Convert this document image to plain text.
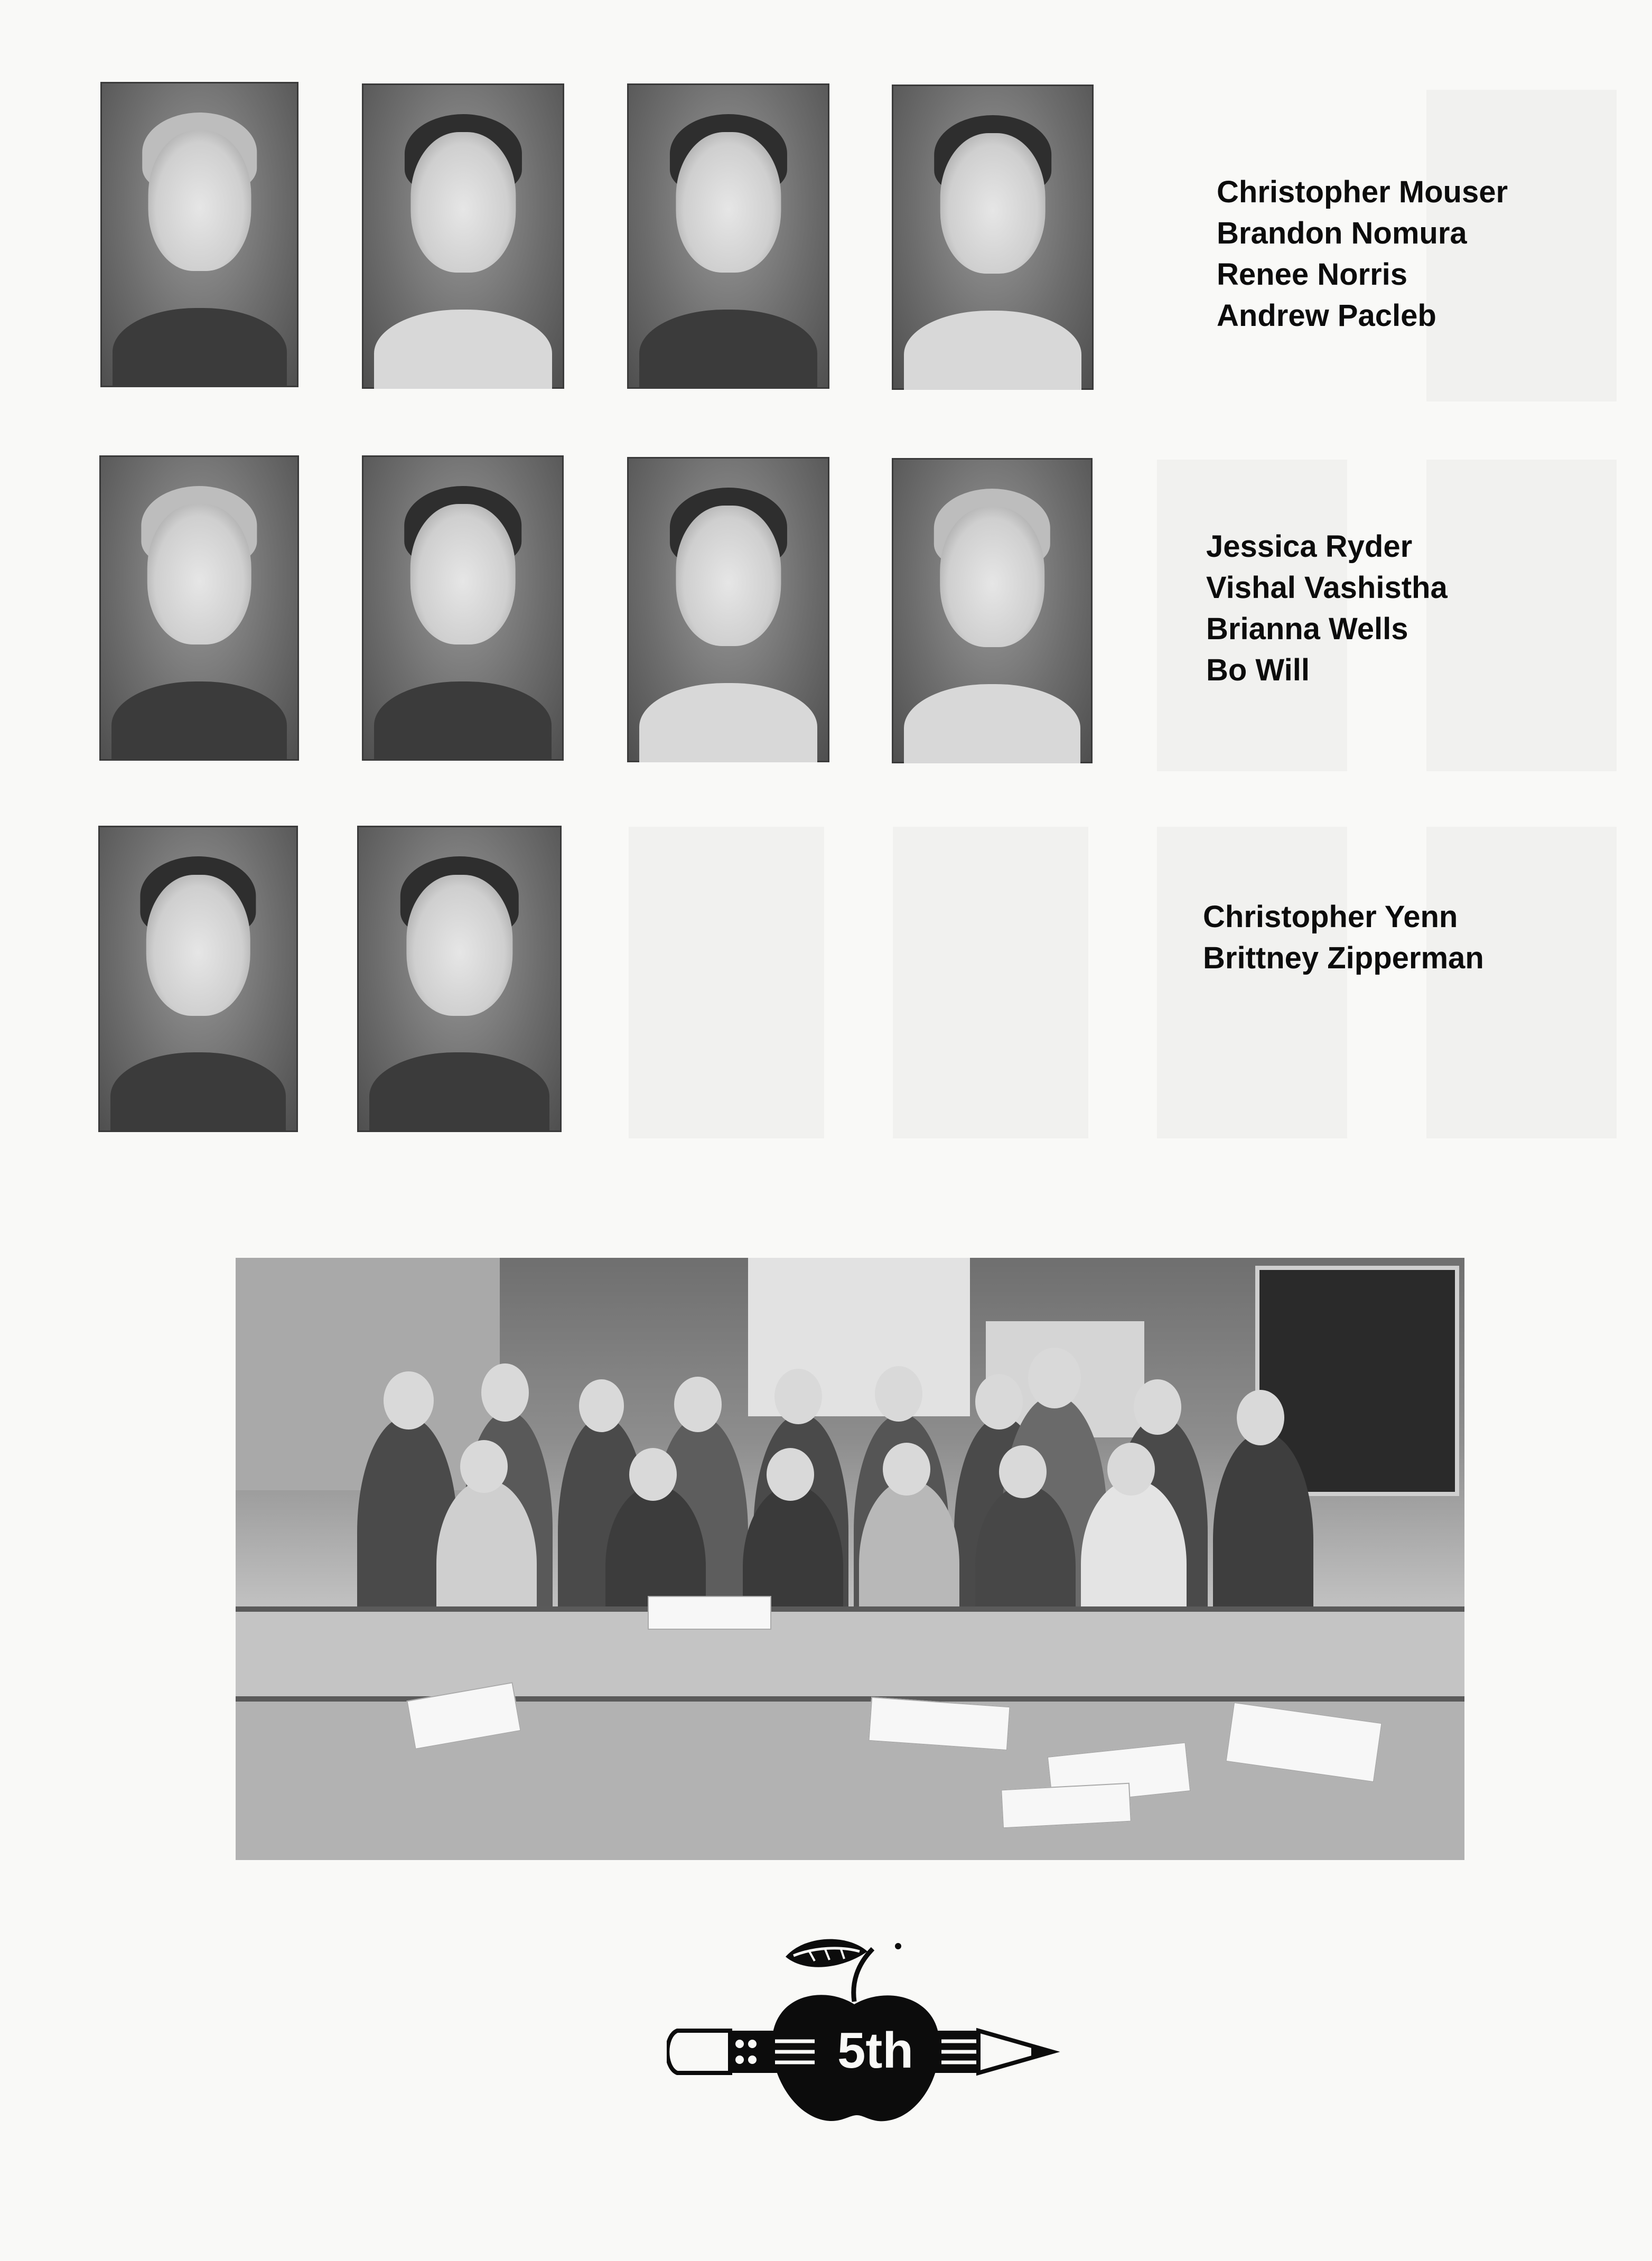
Christopher Mouser
Brandon Nomura
Renee Norris
Andrew Pacleb
Jessica Ryder
Vishal Vashistha
Brianna Wells
Bo Will
Christopher Yenn
Brittney Zipperman
5th
